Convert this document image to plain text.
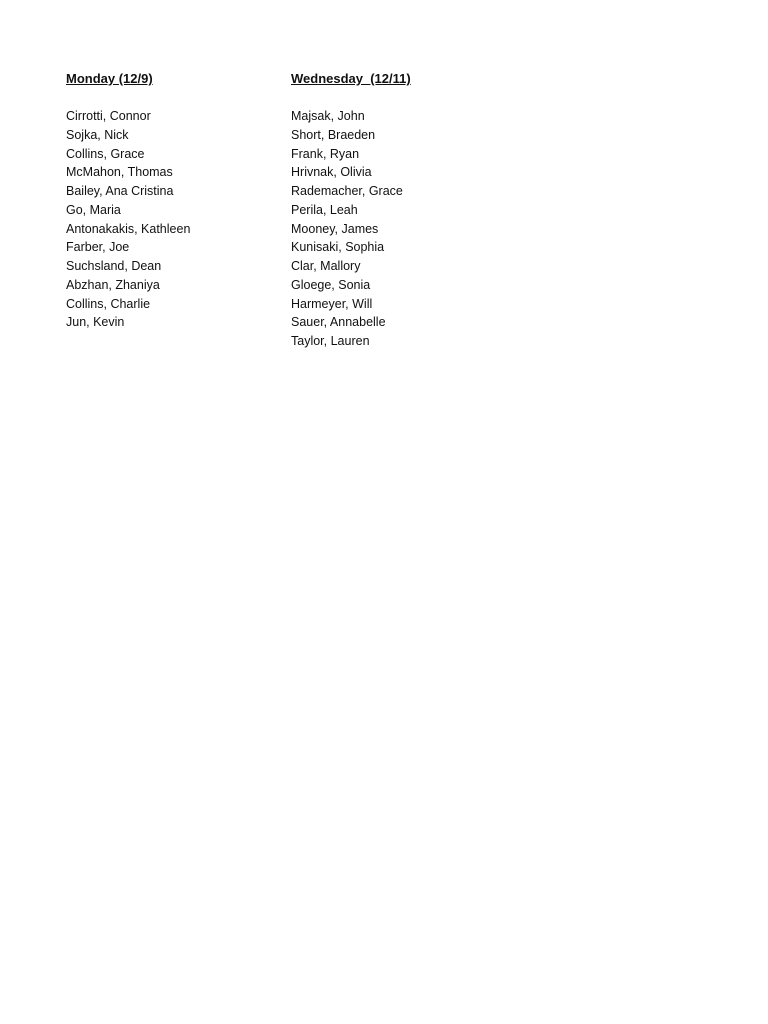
Monday (12/9)
Cirrotti, Connor
Sojka, Nick
Collins, Grace
McMahon, Thomas
Bailey, Ana Cristina
Go, Maria
Antonakakis, Kathleen
Farber, Joe
Suchsland, Dean
Abzhan, Zhaniya
Collins, Charlie
Jun, Kevin
Wednesday  (12/11)
Majsak, John
Short, Braeden
Frank, Ryan
Hrivnak, Olivia
Rademacher, Grace
Perila, Leah
Mooney, James
Kunisaki, Sophia
Clar, Mallory
Gloege, Sonia
Harmeyer, Will
Sauer, Annabelle
Taylor, Lauren
